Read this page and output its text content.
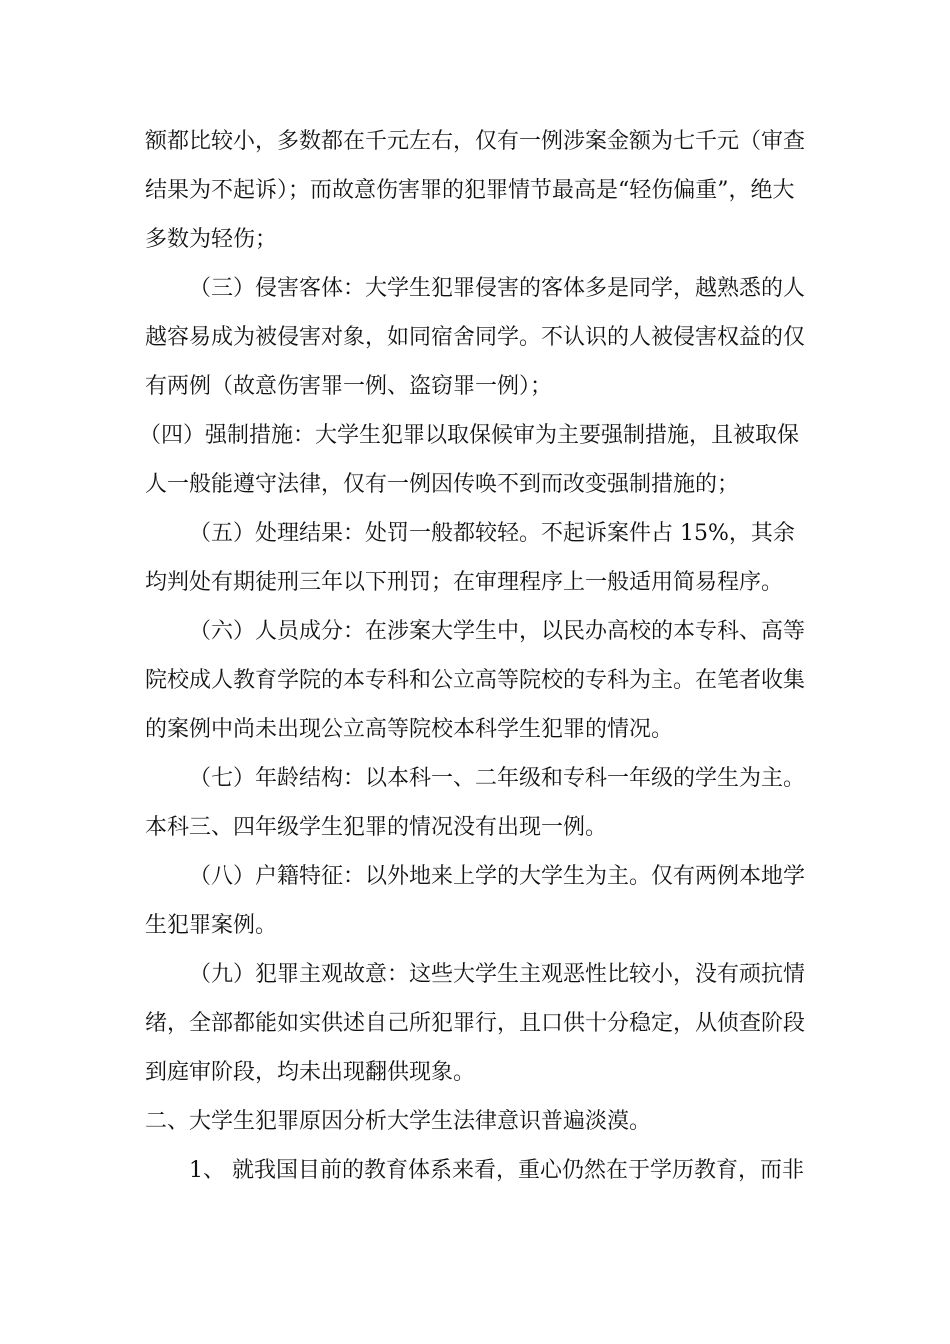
额都比较小，多数都在千元左右，仅有一例涉案金额为七千元（审查
结果为不起诉）；而故意伤害罪的犯罪情节最高是“轻伤偏重”，绝大
多数为轻伤；
（三）侵害客体：大学生犯罪侵害的客体多是同学，越熟悉的人
越容易成为被侵害对象，如同宿舍同学。不认识的人被侵害权益的仅
有两例（故意伤害罪一例、盗窃罪一例）；
（四）强制措施：大学生犯罪以取保候审为主要强制措施，且被取保
人一般能遵守法律，仅有一例因传唤不到而改变强制措施的；
（五）处理结果：处罚一般都较轻。不起诉案件占 15%，其余
均判处有期徒刑三年以下刑罚；在审理程序上一般适用简易程序。
（六）人员成分：在涉案大学生中，以民办高校的本专科、高等
院校成人教育学院的本专科和公立高等院校的专科为主。在笔者收集
的案例中尚未出现公立高等院校本科学生犯罪的情况。
（七）年龄结构：以本科一、二年级和专科一年级的学生为主。
本科三、四年级学生犯罪的情况没有出现一例。
（八）户籍特征：以外地来上学的大学生为主。仅有两例本地学
生犯罪案例。
（九）犯罪主观故意：这些大学生主观恶性比较小，没有顽抗情
绪，全部都能如实供述自己所犯罪行，且口供十分稳定，从侦查阶段
到庭审阶段，均未出现翻供现象。
二、大学生犯罪原因分析大学生法律意识普遍淡漠。
1、 就我国目前的教育体系来看，重心仍然在于学历教育，而非
